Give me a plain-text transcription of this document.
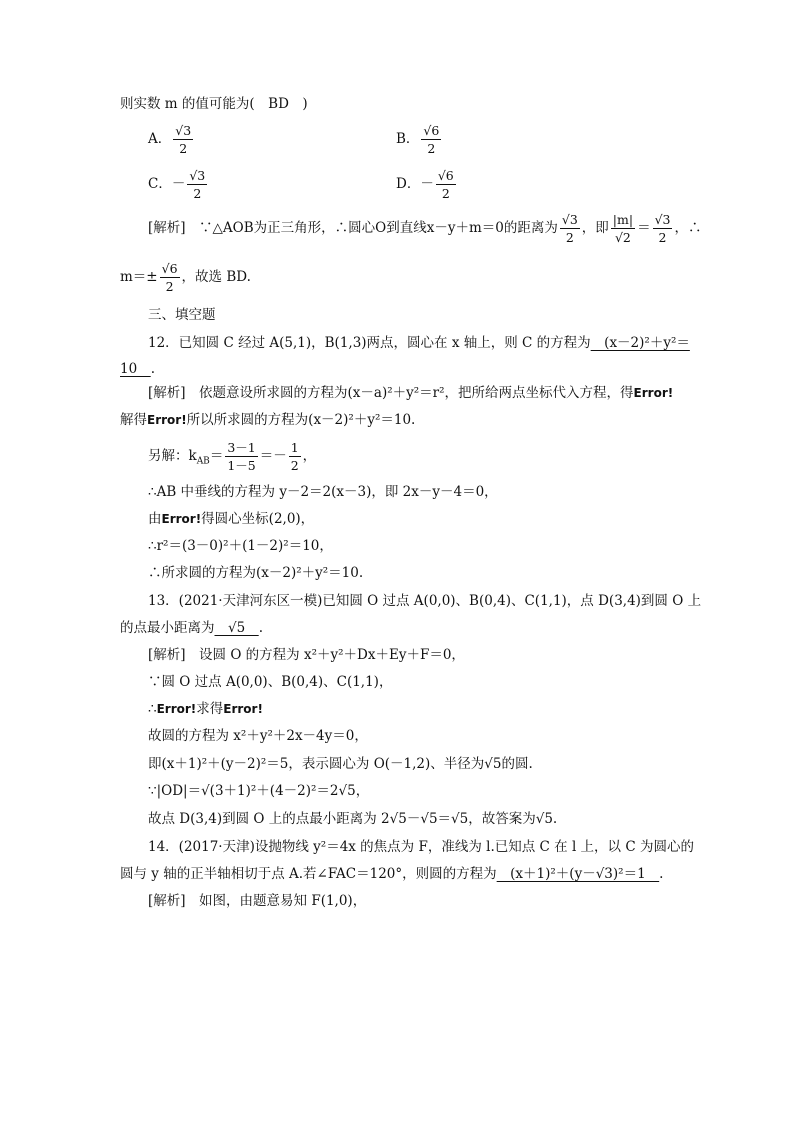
则实数 m 的值可能为(　BD　)
A． $\frac{√3}{2}$	B． $\frac{√6}{2}$
C．－ $\frac{√3}{2}$	D．－ $\frac{√6}{2}$
[解析]　∵△AOB为正三角形，∴圆心O到直线x－y＋m＝0的距离为 $\frac{√3}{2}$ ，即 $\frac{|m|}{√2} = \frac{√3}{2}$ ，∴
$m=\pm \frac{√6}{2}$ ，故选 BD.
三、填空题
12．已知圆 C 经过 A(5,1)，B(1,3)两点，圆心在 x 轴上，则 C 的方程为　(x－2)²＋y²＝
10　.
[解析]　依题意设所求圆的方程为(x－a)²＋y²＝r²，把所给两点坐标代入方程，得Error!
解得Error!所以所求圆的方程为(x－2)²＋y²＝10.
另解：$k_{AB}= \frac{3-1}{1-5} =- \frac{1}{2}$ ，
∴AB 中垂线的方程为 y－2＝2(x－3)，即 2x－y－4＝0，
由Error!得圆心坐标(2,0)，
∴r²＝(3－0)²＋(1－2)²＝10，
∴所求圆的方程为(x－2)²＋y²＝10.
13．(2021·天津河东区一模)已知圆 O 过点 A(0,0)、B(0,4)、C(1,1)，点 D(3,4)到圆 O 上
的点最小距离为　√5　.
[解析]　设圆 O 的方程为 x²＋y²＋Dx＋Ey＋F＝0，
∵圆 O 过点 A(0,0)、B(0,4)、C(1,1)，
∴Error!求得Error!
故圆的方程为 x²＋y²＋2x－4y＝0，
即(x＋1)²＋(y－2)²＝5，表示圆心为 O(－1,2)、半径为√5的圆.
∵|OD|＝√(3＋1)²＋(4－2)²＝2√5，
故点 D(3,4)到圆 O 上的点最小距离为 2√5－√5＝√5，故答案为√5.
14．(2017·天津)设抛物线 y²＝4x 的焦点为 F，准线为 l.已知点 C 在 l 上，以 C 为圆心的
圆与 y 轴的正半轴相切于点 A.若∠FAC＝120°，则圆的方程为　(x＋1)²＋(y－√3)²＝1　.
[解析]　如图，由题意易知 F(1,0)，
